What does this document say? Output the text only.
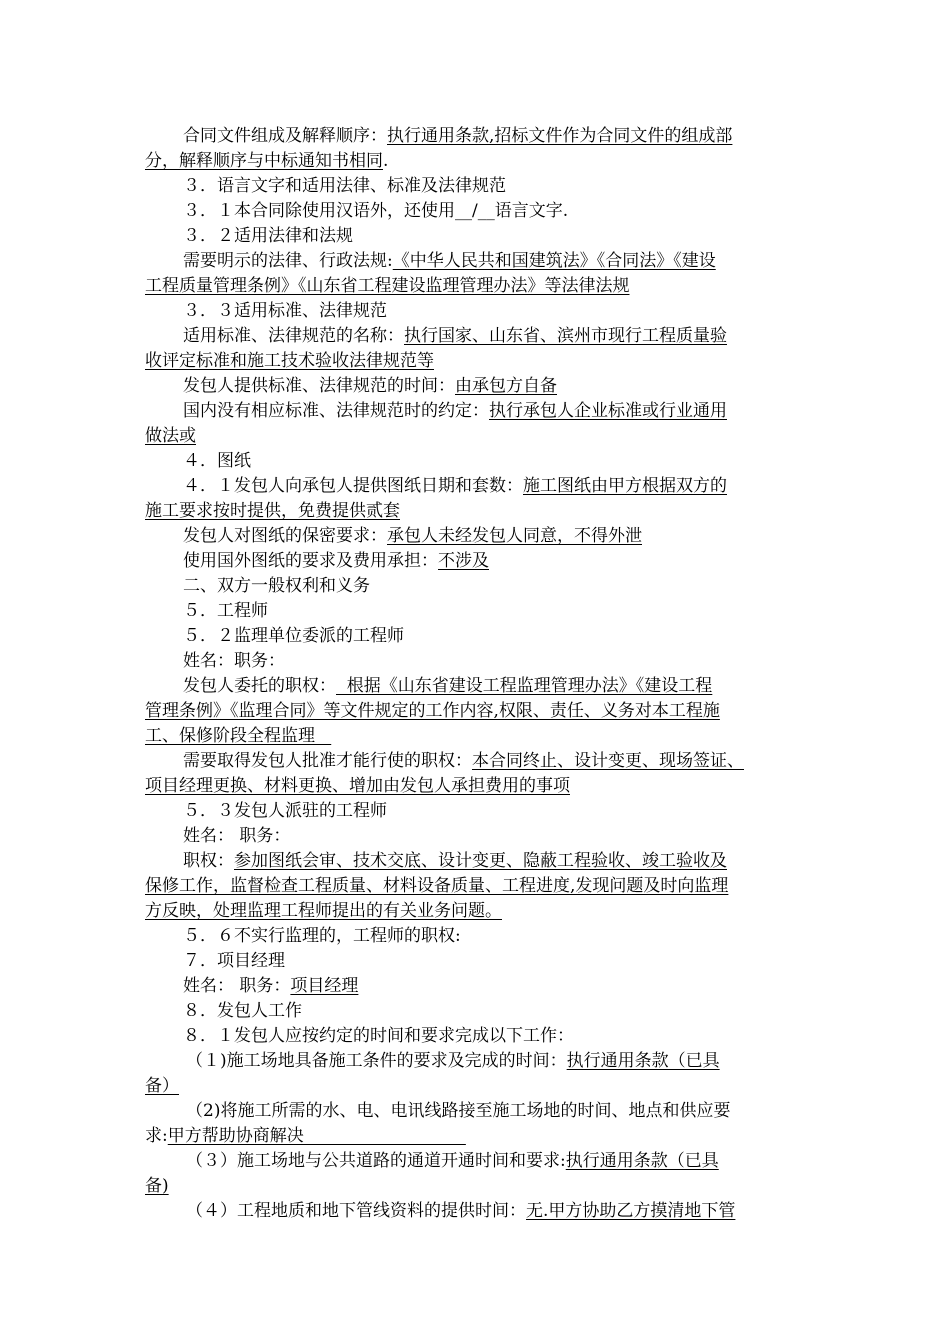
合同文件组成及解释顺序：执行通用条款,招标文件作为合同文件的组成部
分，解释顺序与中标通知书相同.
３．语言文字和适用法律、标准及法律规范
３．１本合同除使用汉语外，还使用__/__语言文字.
３．２适用法律和法规
需要明示的法律、行政法规:《中华人民共和国建筑法》《合同法》《建设
工程质量管理条例》《山东省工程建设监理管理办法》等法律法规
３．３适用标准、法律规范
适用标准、法律规范的名称：执行国家、山东省、滨州市现行工程质量验
收评定标准和施工技术验收法律规范等
发包人提供标准、法律规范的时间：由承包方自备
国内没有相应标准、法律规范时的约定：执行承包人企业标准或行业通用
做法或
４．图纸
４．１发包人向承包人提供图纸日期和套数：施工图纸由甲方根据双方的
施工要求按时提供，免费提供贰套
发包人对图纸的保密要求：承包人未经发包人同意，不得外泄
使用国外图纸的要求及费用承担：不涉及
二、双方一般权利和义务
５．工程师
５．２监理单位委派的工程师
姓名：职务：
发包人委托的职权：  根据《山东省建设工程监理管理办法》《建设工程
管理条例》《监理合同》等文件规定的工作内容,权限、责任、义务对本工程施
工、保修阶段全程监理
需要取得发包人批准才能行使的职权：本合同终止、设计变更、现场签证、
项目经理更换、材料更换、增加由发包人承担费用的事项
５．３发包人派驻的工程师
姓名： 职务：
职权：参加图纸会审、技术交底、设计变更、隐蔽工程验收、竣工验收及
保修工作，监督检查工程质量、材料设备质量、工程进度,发现问题及时向监理
方反映，处理监理工程师提出的有关业务问题。
５．６不实行监理的，工程师的职权:
７．项目经理
姓名： 职务：项目经理
８．发包人工作
８．１发包人应按约定的时间和要求完成以下工作：
（１)施工场地具备施工条件的要求及完成的时间：执行通用条款（已具
备）
（2)将施工所需的水、电、电讯线路接至施工场地的时间、地点和供应要
求:甲方帮助协商解决
（３）施工场地与公共道路的通道开通时间和要求:执行通用条款（已具
备)
（４）工程地质和地下管线资料的提供时间：无.甲方协助乙方摸清地下管
